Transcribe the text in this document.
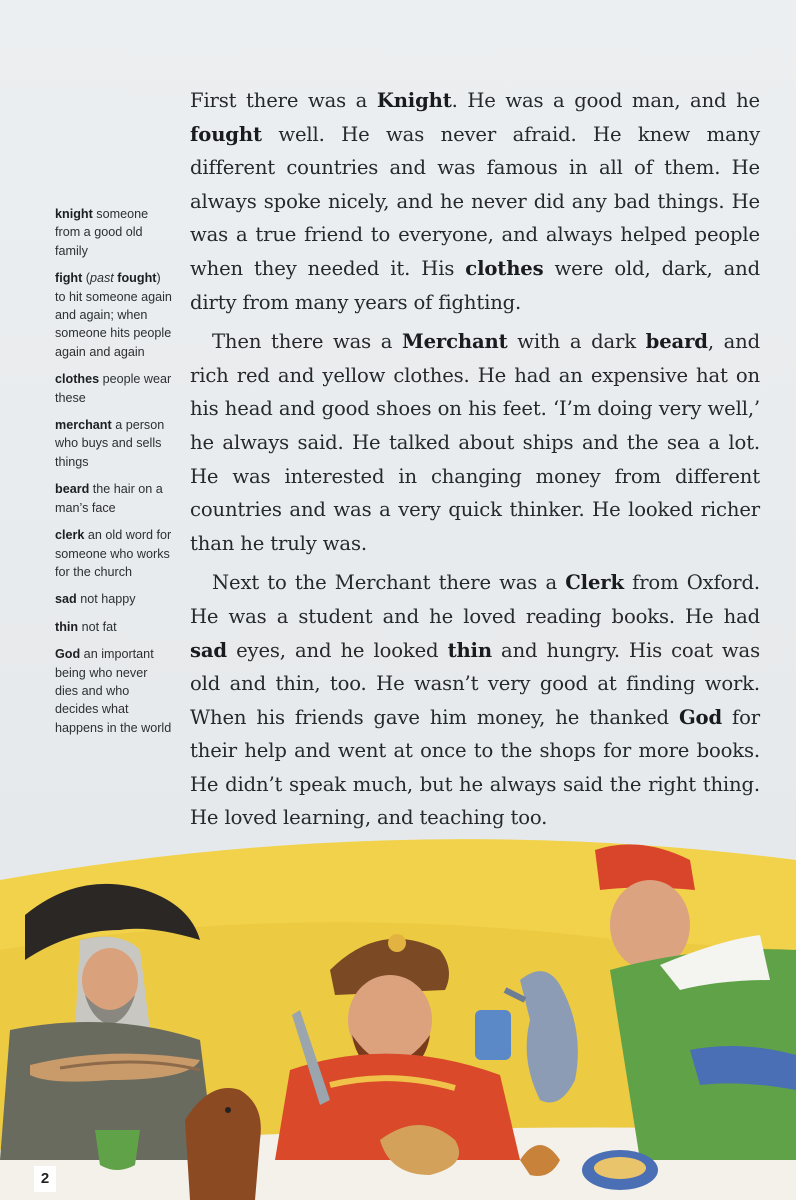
knight someone from a good old family
fight (past fought) to hit someone again and again; when someone hits people again and again
clothes people wear these
merchant a person who buys and sells things
beard the hair on a man’s face
clerk an old word for someone who works for the church
sad not happy
thin not fat
God an important being who never dies and who decides what happens in the world

First there was a Knight. He was a good man, and he fought well. He was never afraid. He knew many different countries and was famous in all of them. He always spoke nicely, and he never did any bad things. He was a true friend to everyone, and always helped people when they needed it. His clothes were old, dark, and dirty from many years of fighting.

Then there was a Merchant with a dark beard, and rich red and yellow clothes. He had an expensive hat on his head and good shoes on his feet. ‘I’m doing very well,’ he always said. He talked about ships and the sea a lot. He was interested in changing money from different countries and was a very quick thinker. He looked richer than he truly was.

Next to the Merchant there was a Clerk from Oxford. He was a student and he loved reading books. He had sad eyes, and he looked thin and hungry. His coat was old and thin, too. He wasn’t very good at finding work. When his friends gave him money, he thanked God for their help and went at once to the shops for more books. He didn’t speak much, but he always said the right thing. He loved learning, and teaching too.

2
